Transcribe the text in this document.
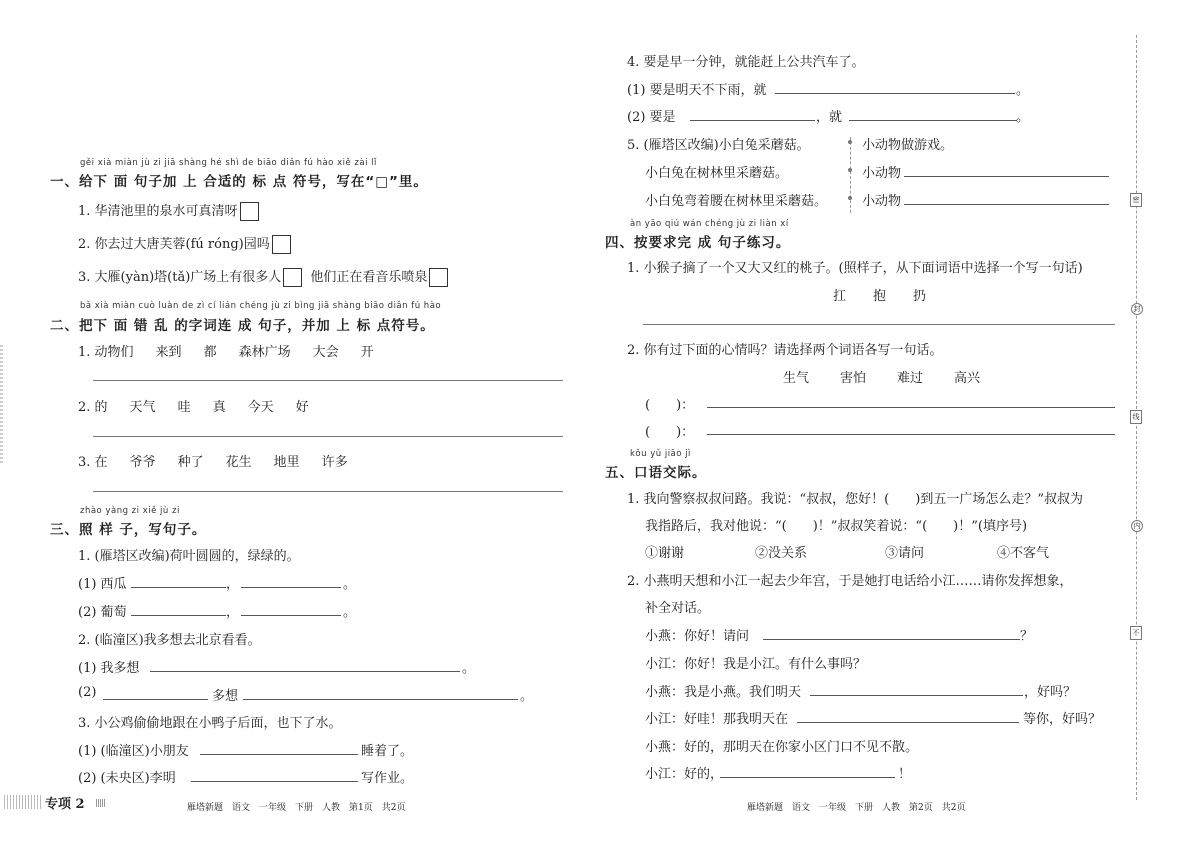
gěi xià miàn jù zi jiā shàng hé shì de biāo diǎn fú hào xiě zài lǐ
一、给下 面 句子加 上 合适的 标 点 符号，写在“□”里。
1. 华清池里的泉水可真清呀
2. 你去过大唐芙蓉(fú róng)园吗
3. 大雁(yàn)塔(tǎ)广场上有很多人 他们正在看音乐喷泉
bǎ xià miàn cuò luàn de zì cí lián chéng jù zi bìng jiā shàng biāo diǎn fú hào
二、把下 面 错 乱 的字词连 成 句子，并加 上 标 点符号。
1. 动物们 来到 都 森林广场 大会 开
2. 的 天气 哇 真 今天 好
3. 在 爷爷 种了 花生 地里 许多
zhào yàng zi xiě jù zi
三、照 样 子，写句子。
1. (雁塔区改编)荷叶圆圆的，绿绿的。
(1) 西瓜	，	。
(2) 葡萄	，	。
2. (临潼区)我多想去北京看看。
(1) 我多想	。
(2)	多想	。
3. 小公鸡偷偷地跟在小鸭子后面，也下了水。
(1) (临潼区)小朋友	睡着了。
(2) (未央区)李明	写作业。
专项 2	雁塔新题　语文　一年级　下册　人教　第1页　共2页
4. 要是早一分钟，就能赶上公共汽车了。
(1) 要是明天不下雨，就	。
(2) 要是	，就	。
5. (雁塔区改编)小白兔采蘑菇。	小动物做游戏。
小白兔在树林里采蘑菇。	小动物
小白兔弯着腰在树林里采蘑菇。	小动物
àn yāo qiú wán chéng jù zi liàn xí
四、按要求完 成 句子练习。
1. 小猴子摘了一个又大又红的桃子。(照样子，从下面词语中选择一个写一句话)
扛 抱 扔
2. 你有过下面的心情吗？请选择两个词语各写一句话。
生气 害怕 难过 高兴
(　　)：
(　　)：
kǒu yǔ jiāo jì
五、口语交际。
1. 我向警察叔叔问路。我说：“叔叔，您好！(　　)到五一广场怎么走？”叔叔为
我指路后，我对他说：“(　　)！”叔叔笑着说：“(　　)！”(填序号)
①谢谢	②没关系	③请问	④不客气
2. 小燕明天想和小江一起去少年宫，于是她打电话给小江……请你发挥想象，
补全对话。
小燕：你好！请问	？
小江：你好！我是小江。有什么事吗？
小燕：我是小燕。我们明天	，好吗？
小江：好哇！那我明天在	等你，好吗？
小燕：好的，那明天在你家小区门口不见不散。
小江：好的，	！
雁塔新题　语文　一年级　下册　人教　第2页　共2页
密
封
线
内
不
